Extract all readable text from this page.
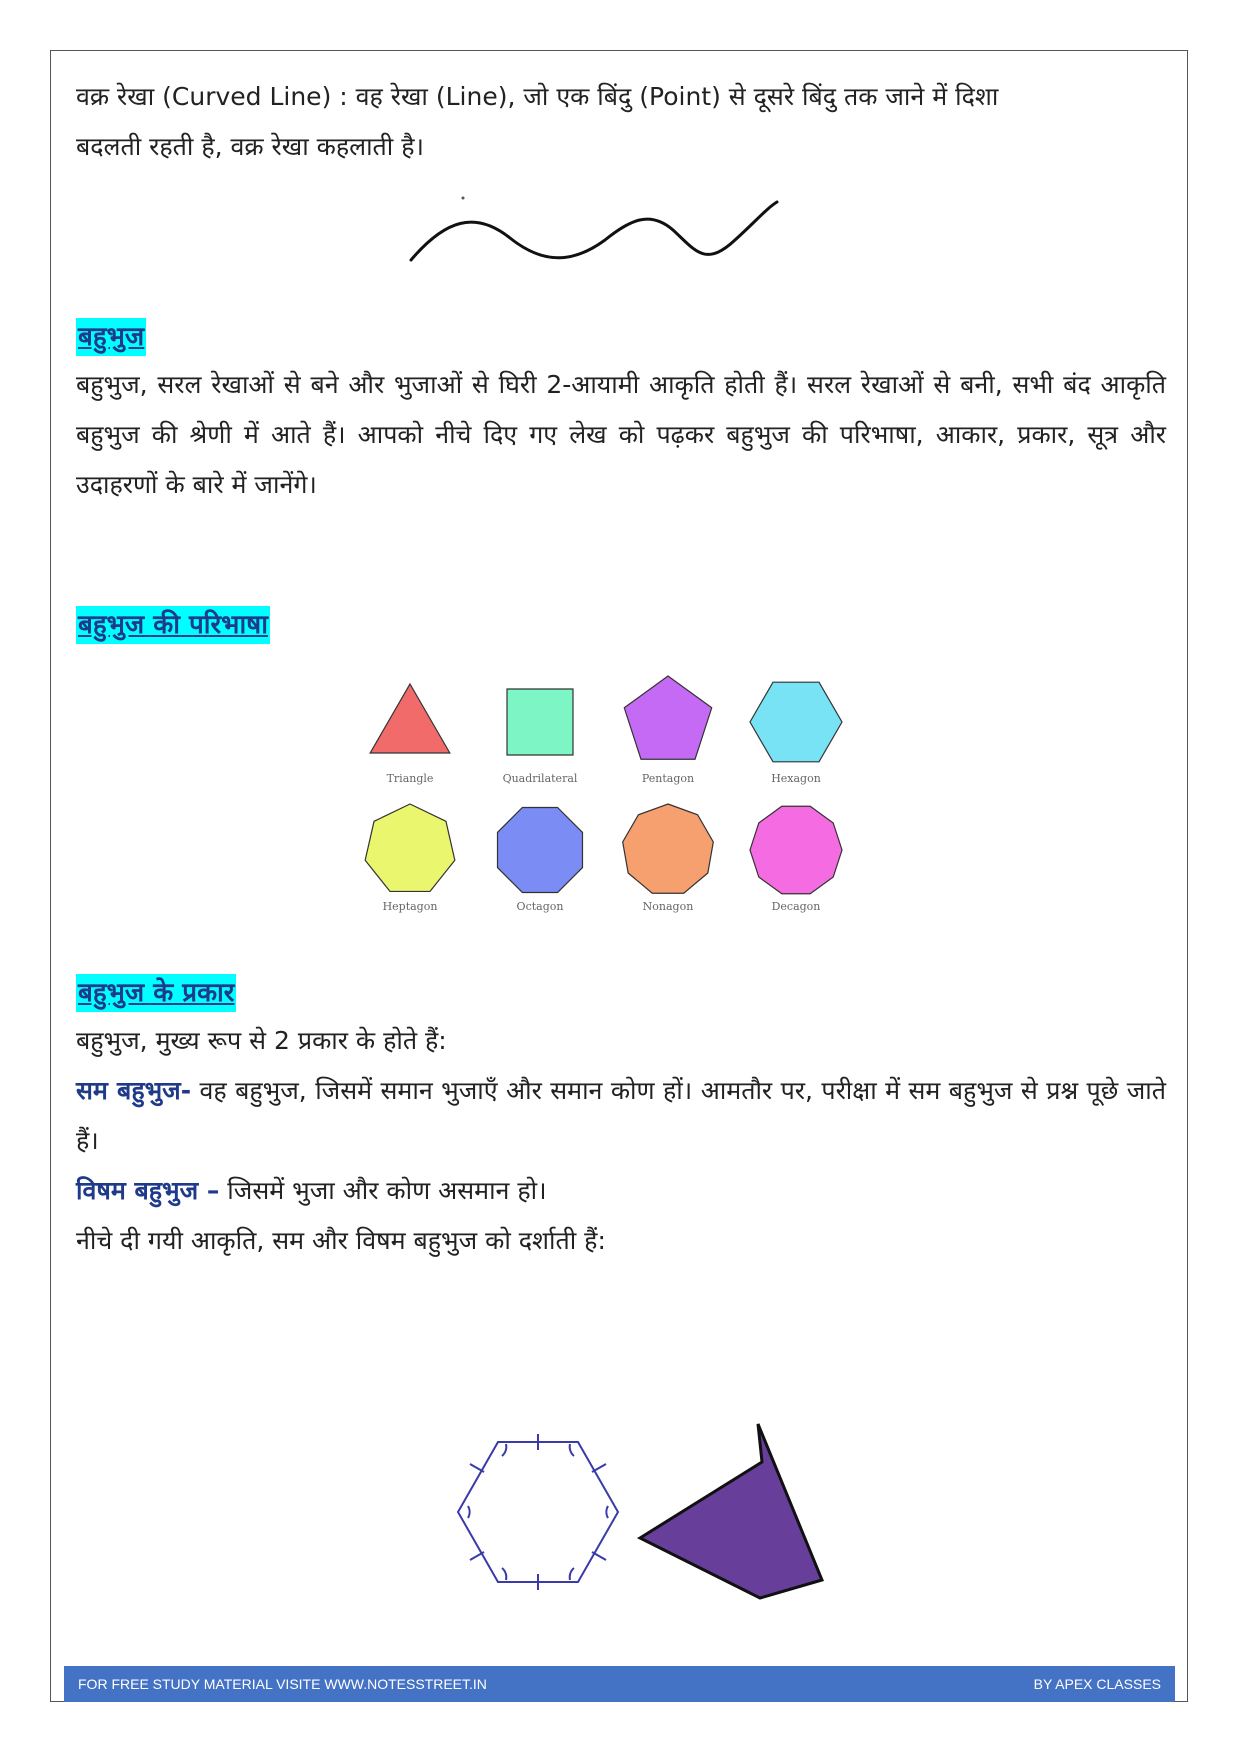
वक्र रेखा (Curved Line) : वह रेखा (Line), जो एक बिंदु (Point) से दूसरे बिंदु तक जाने में दिशा

बदलती रहती है, वक्र रेखा कहलाती है।

बहुभुज

बहुभुज, सरल रेखाओं से बने और भुजाओं से घिरी 2-आयामी आकृति होती हैं। सरल रेखाओं से बनी, सभी बंद आकृति बहुभुज की श्रेणी में आते हैं। आपको नीचे दिए गए लेख को पढ़कर बहुभुज की परिभाषा, आकार, प्रकार, सूत्र और उदाहरणों के बारे में जानेंगे।

बहुभुज की परिभाषा
Triangle	Quadrilateral	Pentagon	Hexagon
Heptagon	Octagon	Nonagon	Decagon
बहुभुज के प्रकार

बहुभुज, मुख्य रूप से 2 प्रकार के होते हैं:

सम बहुभुज- वह बहुभुज, जिसमें समान भुजाएँ और समान कोण हों। आमतौर पर, परीक्षा में सम बहुभुज से प्रश्न पूछे जाते हैं।

विषम बहुभुज – जिसमें भुजा और कोण असमान हो।

नीचे दी गयी आकृति, सम और विषम बहुभुज को दर्शाती हैं:

FOR FREE STUDY MATERIAL VISITE WWW.NOTESSTREET.IN	BY APEX CLASSES
